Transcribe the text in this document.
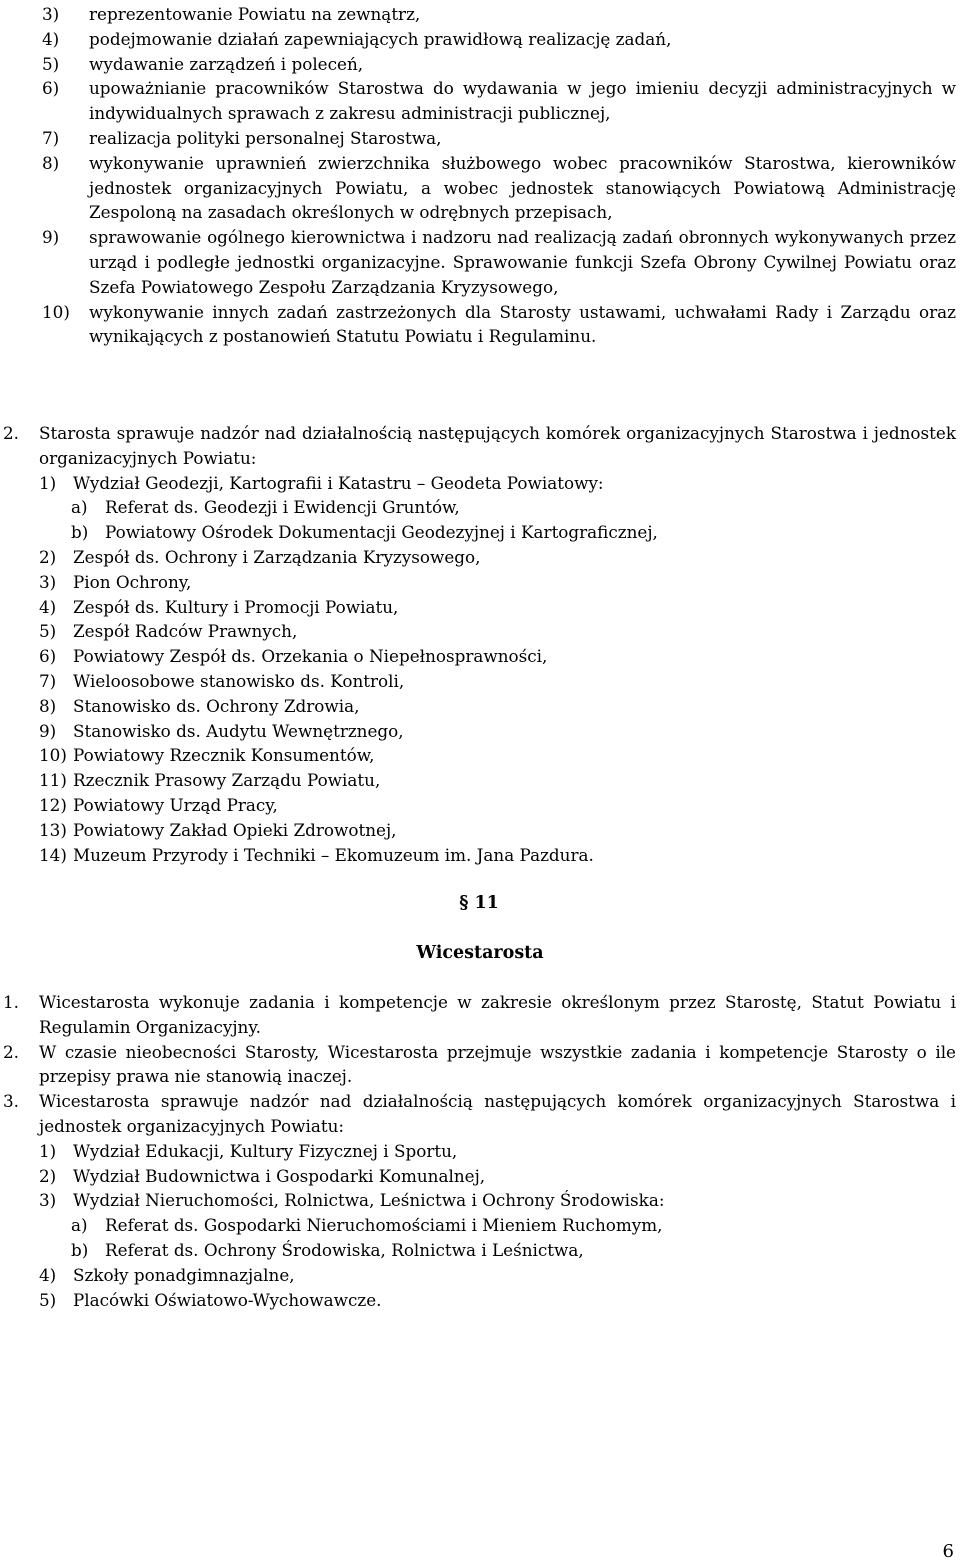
3)	reprezentowanie Powiatu na zewnątrz,
4)	podejmowanie działań zapewniających prawidłową realizację zadań,
5)	wydawanie zarządzeń i poleceń,
6)	upoważnianie pracowników Starostwa do wydawania w jego imieniu decyzji administracyjnych w indywidualnych sprawach z zakresu administracji publicznej,
7)	realizacja polityki personalnej Starostwa,
8)	wykonywanie uprawnień zwierzchnika służbowego wobec pracowników Starostwa, kierowników jednostek organizacyjnych Powiatu, a wobec jednostek stanowiących Powiatową Administrację Zespoloną na zasadach określonych w odrębnych przepisach,
9)	sprawowanie ogólnego kierownictwa i nadzoru nad realizacją zadań obronnych wykonywanych przez urząd i podległe jednostki organizacyjne. Sprawowanie funkcji Szefa Obrony Cywilnej Powiatu oraz Szefa Powiatowego Zespołu Zarządzania Kryzysowego,
10)	wykonywanie innych zadań zastrzeżonych dla Starosty ustawami, uchwałami Rady i Zarządu oraz wynikających z postanowień Statutu Powiatu i Regulaminu.
2.	Starosta sprawuje nadzór nad działalnością następujących komórek organizacyjnych Starostwa i jednostek organizacyjnych Powiatu:
1) Wydział Geodezji, Kartografii i Katastru – Geodeta Powiatowy:
a)	Referat ds. Geodezji i Ewidencji Gruntów,
b) Powiatowy Ośrodek Dokumentacji Geodezyjnej i Kartograficznej,
2) Zespół ds. Ochrony i Zarządzania Kryzysowego,
3) Pion Ochrony,
4) Zespół ds. Kultury i Promocji Powiatu,
5) Zespół Radców Prawnych,
6) Powiatowy Zespół ds. Orzekania o Niepełnosprawności,
7) Wieloosobowe stanowisko ds. Kontroli,
8) Stanowisko ds. Ochrony Zdrowia,
9) Stanowisko ds. Audytu Wewnętrznego,
10) Powiatowy Rzecznik Konsumentów,
11) Rzecznik Prasowy Zarządu Powiatu,
12) Powiatowy Urząd Pracy,
13) Powiatowy Zakład Opieki Zdrowotnej,
14) Muzeum Przyrody i Techniki – Ekomuzeum im. Jana Pazdura.
§ 11
Wicestarosta
1.	Wicestarosta wykonuje zadania i kompetencje w zakresie określonym przez Starostę, Statut Powiatu i Regulamin Organizacyjny.
2.	W czasie nieobecności Starosty, Wicestarosta przejmuje wszystkie zadania i kompetencje Starosty o ile przepisy prawa nie stanowią inaczej.
3.	Wicestarosta sprawuje nadzór nad działalnością następujących komórek organizacyjnych Starostwa i jednostek organizacyjnych Powiatu:
1) Wydział Edukacji, Kultury Fizycznej i Sportu,
2) Wydział Budownictwa i Gospodarki Komunalnej,
3) Wydział Nieruchomości, Rolnictwa, Leśnictwa i Ochrony Środowiska:
a)	Referat ds. Gospodarki Nieruchomościami i Mieniem Ruchomym,
b) Referat ds. Ochrony Środowiska, Rolnictwa i Leśnictwa,
4) Szkoły ponadgimnazjalne,
5) Placówki Oświatowo-Wychowawcze.
6
